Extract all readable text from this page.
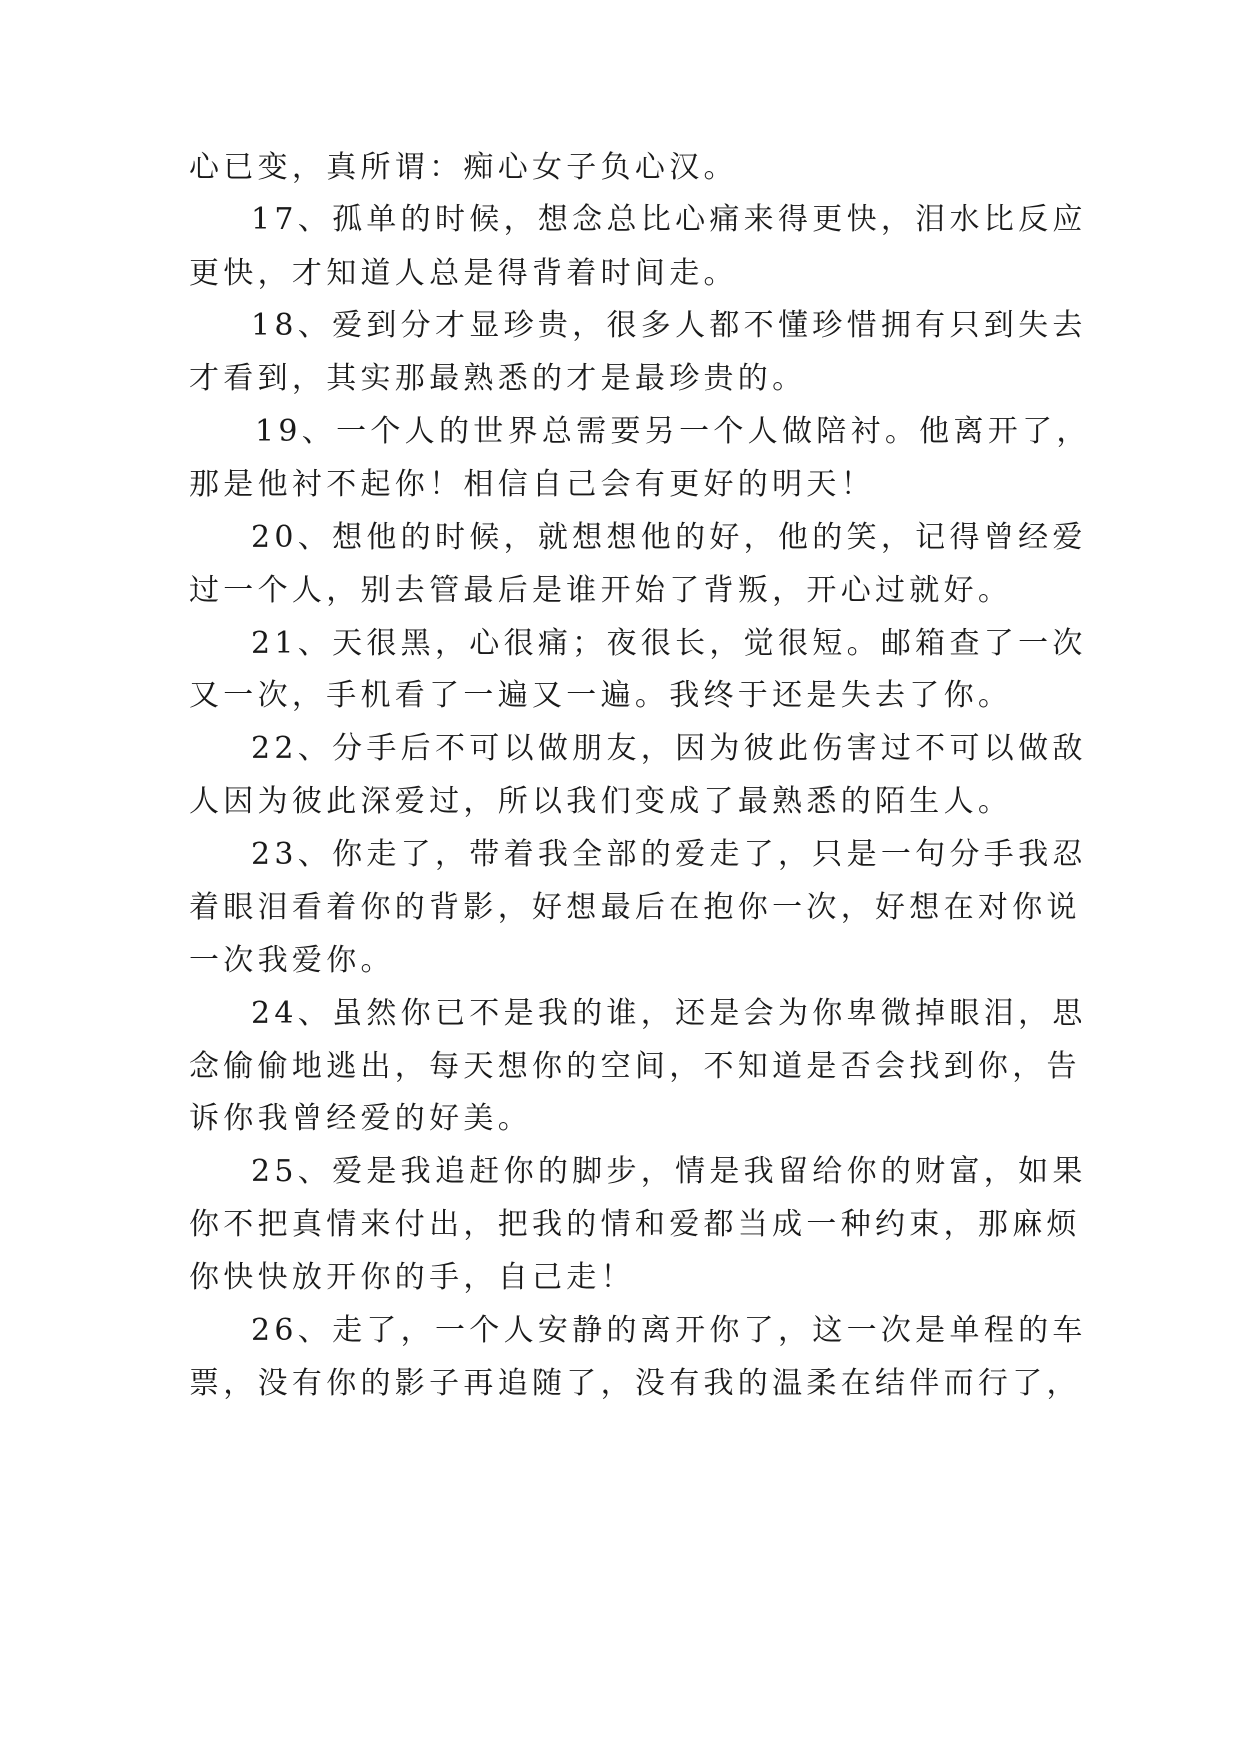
心已变，真所谓：痴心女子负心汉。
17、孤单的时候，想念总比心痛来得更快，泪水比反应
更快，才知道人总是得背着时间走。
18、爱到分才显珍贵，很多人都不懂珍惜拥有只到失去
才看到，其实那最熟悉的才是最珍贵的。
19、一个人的世界总需要另一个人做陪衬。他离开了，
那是他衬不起你！相信自己会有更好的明天！
20、想他的时候，就想想他的好，他的笑，记得曾经爱
过一个人，别去管最后是谁开始了背叛，开心过就好。
21、天很黑，心很痛；夜很长，觉很短。邮箱查了一次
又一次，手机看了一遍又一遍。我终于还是失去了你。
22、分手后不可以做朋友，因为彼此伤害过不可以做敌
人因为彼此深爱过，所以我们变成了最熟悉的陌生人。
23、你走了，带着我全部的爱走了，只是一句分手我忍
着眼泪看着你的背影，好想最后在抱你一次，好想在对你说
一次我爱你。
24、虽然你已不是我的谁，还是会为你卑微掉眼泪，思
念偷偷地逃出，每天想你的空间，不知道是否会找到你，告
诉你我曾经爱的好美。
25、爱是我追赶你的脚步，情是我留给你的财富，如果
你不把真情来付出，把我的情和爱都当成一种约束，那麻烦
你快快放开你的手，自己走！
26、走了，一个人安静的离开你了，这一次是单程的车
票，没有你的影子再追随了，没有我的温柔在结伴而行了，
